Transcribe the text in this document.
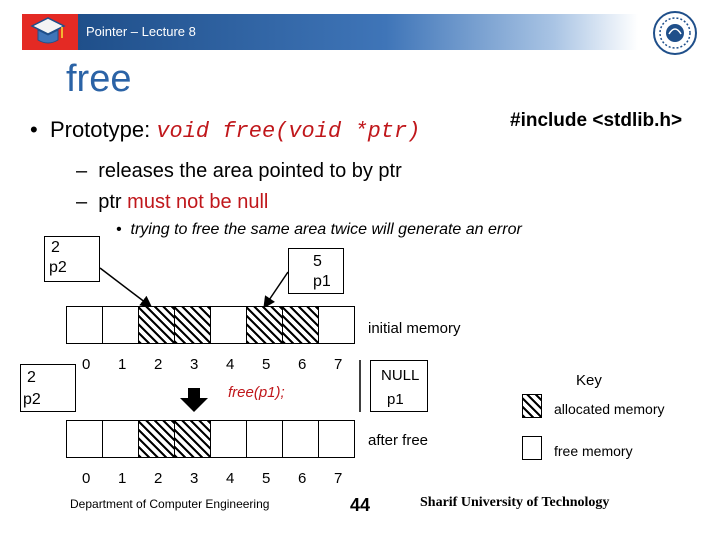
Pointer – Lecture 8
free
•  Prototype: void free(void *ptr)	#include <stdlib.h>
–  releases the area pointed to by ptr
–  ptr must not be null
•  trying to free the same area twice will generate an error
2
p2	5
p1
initial memory
0 1 2 3 4 5 6 7
2
p2	free(p1);
NULL
p1
after free
0 1 2 3 4 5 6 7
Key
allocated memory
free memory
Department of Computer Engineering	44	Sharif University of Technology
